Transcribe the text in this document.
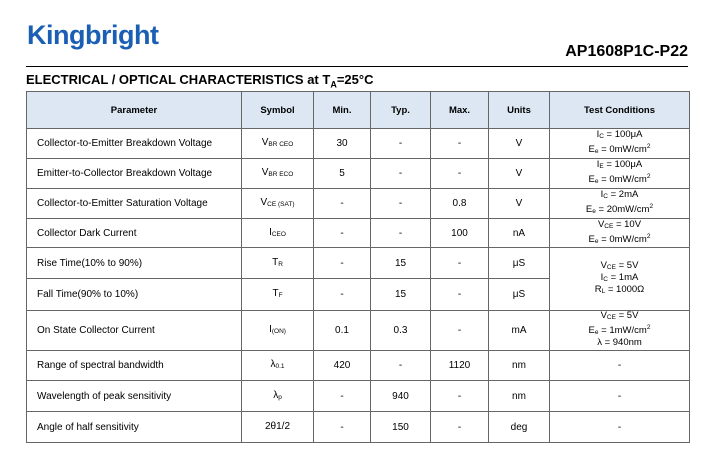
Kingbright
AP1608P1C-P22
ELECTRICAL / OPTICAL CHARACTERISTICS at $T_A=25^\circ C$
Parameter	Symbol	Min.	Typ.	Max.	Units	Test Conditions
Collector-to-Emitter Breakdown Voltage	VBR CEO	30	-	-	V	$I_C = 100\mu A$
$E_e = 0mW/cm^2$

Emitter-to-Collector Breakdown Voltage	VBR ECO	5	-	-	V	$I_E = 100\mu A$
$E_e = 0mW/cm^2$

Collector-to-Emitter Saturation Voltage	VCE (SAT)	-	-	0.8	V	$I_C = 2mA$
$E_e = 20mW/cm^2$

Collector Dark Current	ICEO	-	-	100	nA	$V_{CE} = 10V$
$E_e = 0mW/cm^2$

Rise Time(10% to 90%)	TR	-	15	-	μS	$V_{CE} = 5V$
$I_C = 1mA$
$R_L = 1000\Omega$

Fall Time(90% to 10%)	TF	-	15	-	μS	
On State Collector Current	I(ON)	0.1	0.3	-	mA	$V_{CE} = 5V$
$E_e = 1mW/cm^2$
λ = 940nm

Range of spectral bandwidth	λ0.1	420	-	1120	nm	-
Wavelength of peak sensitivity	λp	-	940	-	nm	-
Angle of half sensitivity	2θ1/2	-	150	-	deg	-
